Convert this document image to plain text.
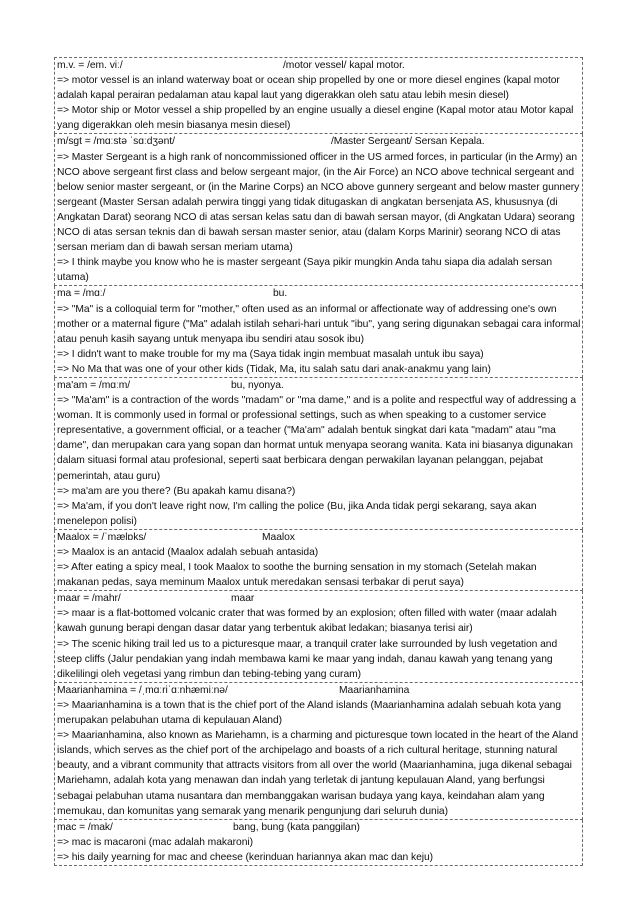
m.v. = /em. viː/	/motor vessel/ kapal motor.
=> motor vessel is an inland waterway boat or ocean ship propelled by one or more diesel engines (kapal motor adalah kapal perairan pedalaman atau kapal laut yang digerakkan oleh satu atau lebih mesin diesel)
=> Motor ship or Motor vessel a ship propelled by an engine usually a diesel engine (Kapal motor atau Motor kapal yang digerakkan oleh mesin biasanya mesin diesel)
m/sgt = /mɑːstə ˈsɑːdʒənt/	/Master Sergeant/ Sersan Kepala.
=> Master Sergeant is a high rank of noncommissioned officer in the US armed forces, in particular (in the Army) an NCO above sergeant first class and below sergeant major, (in the Air Force) an NCO above technical sergeant and below senior master sergeant, or (in the Marine Corps) an NCO above gunnery sergeant and below master gunnery sergeant (Master Sersan adalah perwira tinggi yang tidak ditugaskan di angkatan bersenjata AS, khususnya (di Angkatan Darat) seorang NCO di atas sersan kelas satu dan di bawah sersan mayor, (di Angkatan Udara) seorang NCO di atas sersan teknis dan di bawah sersan master senior, atau (dalam Korps Marinir) seorang NCO di atas sersan meriam dan di bawah sersan meriam utama)
=> I think maybe you know who he is master sergeant (Saya pikir mungkin Anda tahu siapa dia adalah sersan utama)
ma = /mɑː/	bu.
=> "Ma" is a colloquial term for "mother," often used as an informal or affectionate way of addressing one's own mother or a maternal figure ("Ma" adalah istilah sehari-hari untuk "ibu", yang sering digunakan sebagai cara informal atau penuh kasih sayang untuk menyapa ibu sendiri atau sosok ibu)
=> I didn't want to make trouble for my ma (Saya tidak ingin membuat masalah untuk ibu saya)
=> No Ma that was one of your other kids (Tidak, Ma, itu salah satu dari anak-anakmu yang lain)
ma'am = /mɑːm/	bu, nyonya.
=> "Ma'am" is a contraction of the words "madam" or "ma dame," and is a polite and respectful way of addressing a woman. It is commonly used in formal or professional settings, such as when speaking to a customer service representative, a government official, or a teacher ("Ma'am" adalah bentuk singkat dari kata "madam" atau "ma dame", dan merupakan cara yang sopan dan hormat untuk menyapa seorang wanita. Kata ini biasanya digunakan dalam situasi formal atau profesional, seperti saat berbicara dengan perwakilan layanan pelanggan, pejabat pemerintah, atau guru)
=> ma'am are you there? (Bu apakah kamu disana?)
=> Ma'am, if you don't leave right now, I'm calling the police (Bu, jika Anda tidak pergi sekarang, saya akan menelepon polisi)
Maalox = /ˈmælɒks/	Maalox
=> Maalox is an antacid (Maalox adalah sebuah antasida)
=> After eating a spicy meal, I took Maalox to soothe the burning sensation in my stomach (Setelah makan makanan pedas, saya meminum Maalox untuk meredakan sensasi terbakar di perut saya)
maar = /mahr/	maar
=> maar is a flat-bottomed volcanic crater that was formed by an explosion; often filled with water (maar adalah kawah gunung berapi dengan dasar datar yang terbentuk akibat ledakan; biasanya terisi air)
=> The scenic hiking trail led us to a picturesque maar, a tranquil crater lake surrounded by lush vegetation and steep cliffs (Jalur pendakian yang indah membawa kami ke maar yang indah, danau kawah yang tenang yang dikelilingi oleh vegetasi yang rimbun dan tebing-tebing yang curam)
Maarianhamina = /ˌmɑːriˈɑːnhæmiːnə/	Maarianhamina
=> Maarianhamina is a town that is the chief port of the Aland islands (Maarianhamina adalah sebuah kota yang merupakan pelabuhan utama di kepulauan Aland)
=> Maarianhamina, also known as Mariehamn, is a charming and picturesque town located in the heart of the Aland islands, which serves as the chief port of the archipelago and boasts of a rich cultural heritage, stunning natural beauty, and a vibrant community that attracts visitors from all over the world (Maarianhamina, juga dikenal sebagai Mariehamn, adalah kota yang menawan dan indah yang terletak di jantung kepulauan Aland, yang berfungsi sebagai pelabuhan utama nusantara dan membanggakan warisan budaya yang kaya, keindahan alam yang memukau, dan komunitas yang semarak yang menarik pengunjung dari seluruh dunia)
mac = /mak/	bang, bung (kata panggilan)
=> mac is macaroni (mac adalah makaroni)
=> his daily yearning for mac and cheese (kerinduan hariannya akan mac dan keju)
